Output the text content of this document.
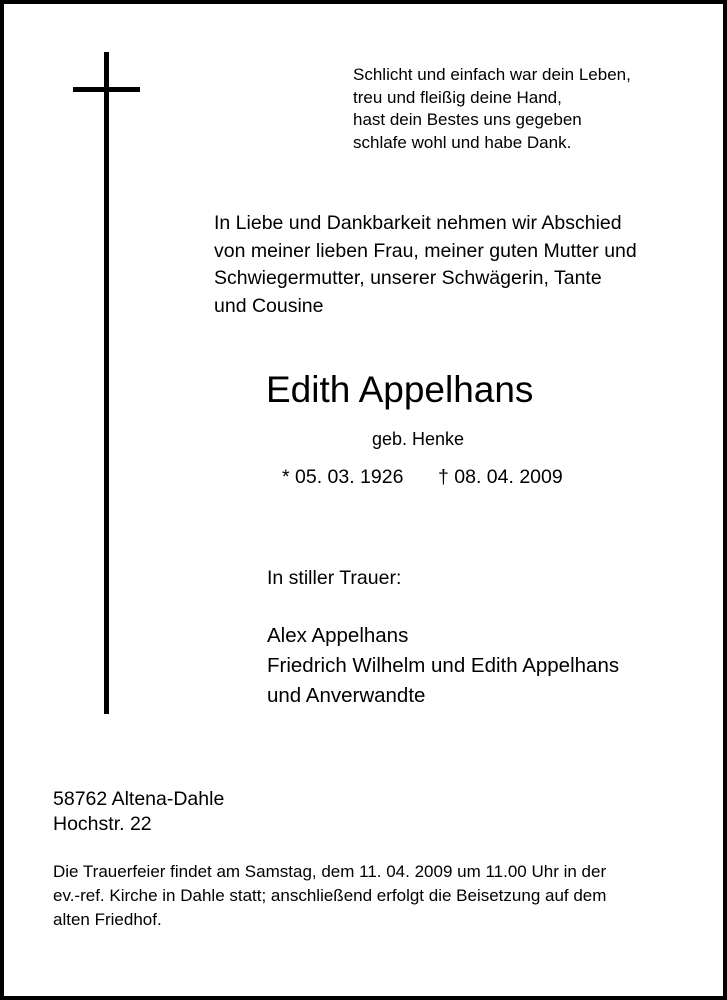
Schlicht und einfach war dein Leben,
treu und fleißig deine Hand,
hast dein Bestes uns gegeben
schlafe wohl und habe Dank.
In Liebe und Dankbarkeit nehmen wir Abschied
von meiner lieben Frau, meiner guten Mutter und
Schwiegermutter, unserer Schwägerin, Tante
und Cousine
Edith Appelhans
geb. Henke
* 05. 03. 1926 † 08. 04. 2009
In stiller Trauer:
Alex Appelhans
Friedrich Wilhelm und Edith Appelhans
und Anverwandte
58762 Altena-Dahle
Hochstr. 22
Die Trauerfeier findet am Samstag, dem 11. 04. 2009 um 11.00 Uhr in der
ev.-ref. Kirche in Dahle statt; anschließend erfolgt die Beisetzung auf dem
alten Friedhof.
